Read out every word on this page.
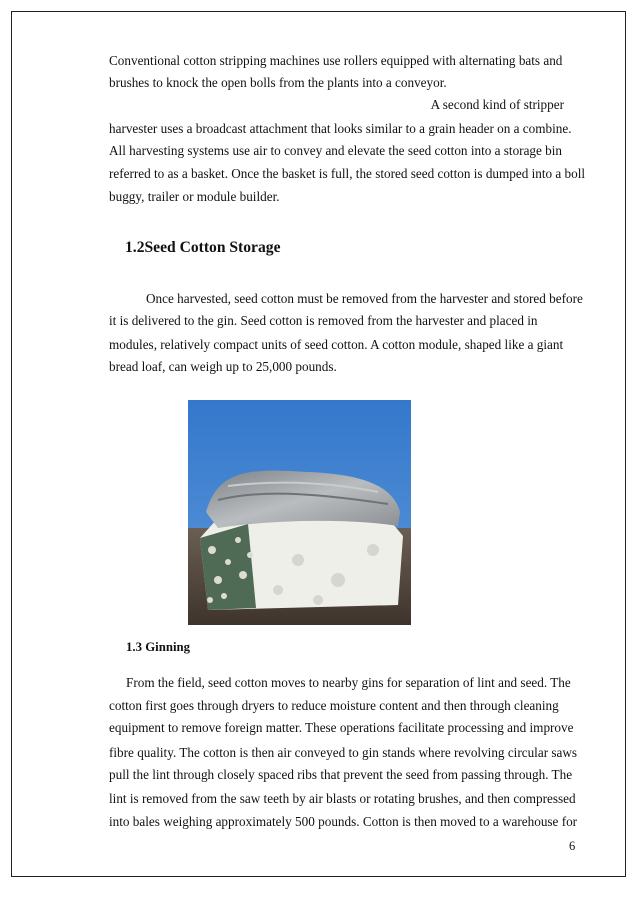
Conventional cotton stripping machines use rollers equipped with alternating bats and
brushes to knock the open bolls from the plants into a conveyor.
A second kind of stripper
harvester uses a broadcast attachment that looks similar to a grain header on a combine.
All harvesting systems use air to convey and elevate the seed cotton into a storage bin
referred to as a basket. Once the basket is full, the stored seed cotton is dumped into a boll
buggy, trailer or module builder.
1.2Seed Cotton Storage
Once harvested, seed cotton must be removed from the harvester and stored before
it is delivered to the gin. Seed cotton is removed from the harvester and placed in
modules, relatively compact units of seed cotton. A cotton module, shaped like a giant
bread loaf, can weigh up to 25,000 pounds.
1.3 Ginning
From the field, seed cotton moves to nearby gins for separation of lint and seed. The
cotton first goes through dryers to reduce moisture content and then through cleaning
equipment to remove foreign matter. These operations facilitate processing and improve
fibre quality. The cotton is then air conveyed to gin stands where revolving circular saws
pull the lint through closely spaced ribs that prevent the seed from passing through. The
lint is removed from the saw teeth by air blasts or rotating brushes, and then compressed
into bales weighing approximately 500 pounds. Cotton is then moved to a warehouse for
6
